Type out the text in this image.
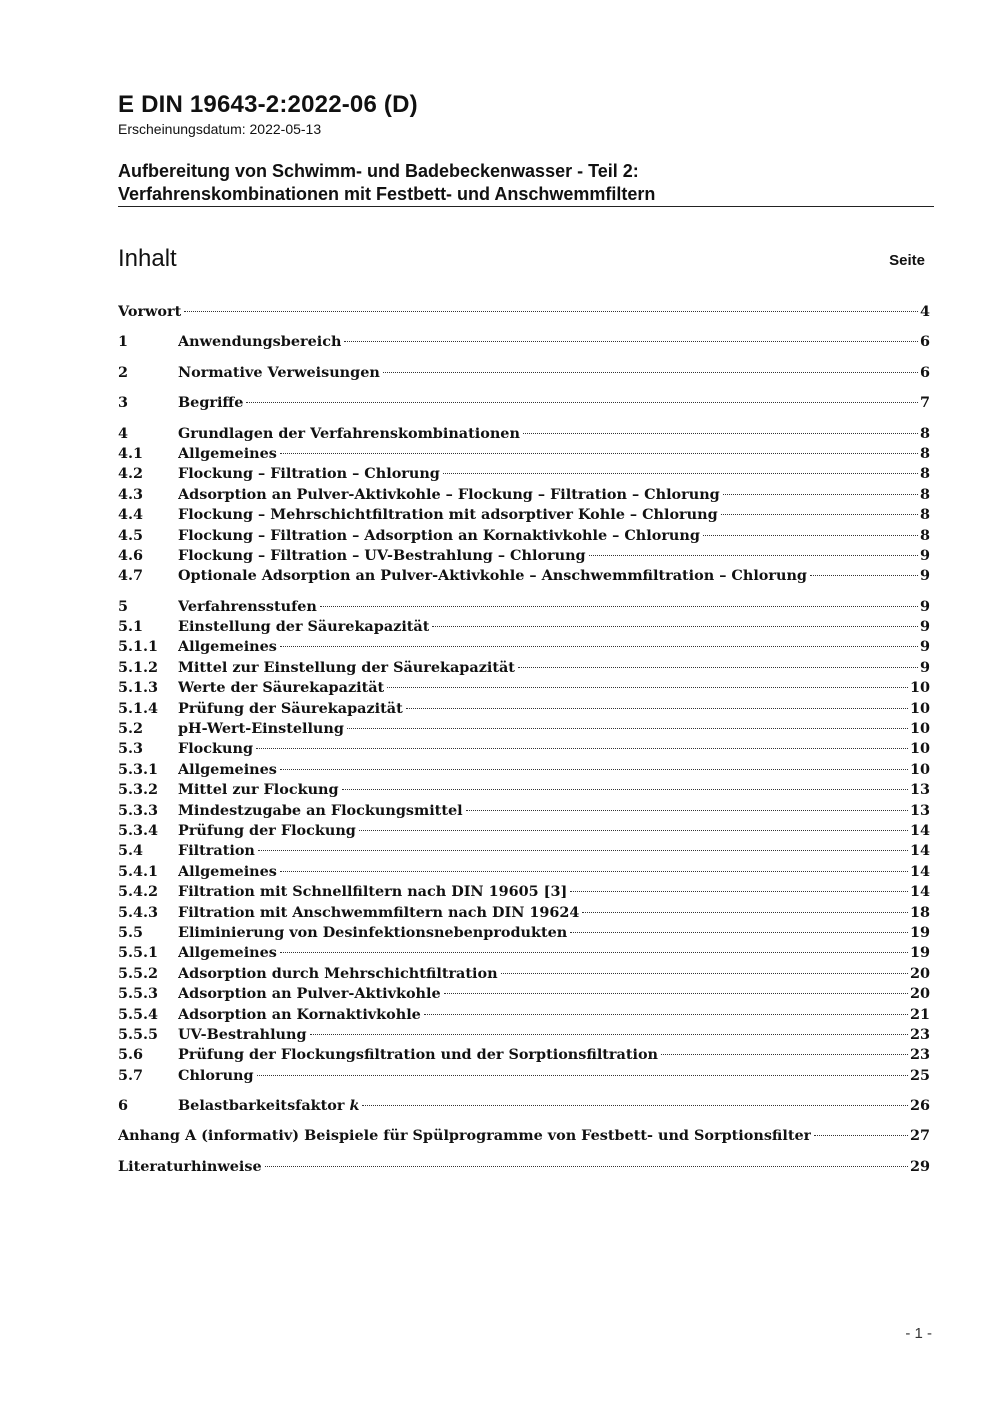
E DIN 19643-2:2022-06 (D)
Erscheinungsdatum: 2022-05-13
Aufbereitung von Schwimm- und Badebeckenwasser - Teil 2:
Verfahrenskombinationen mit Festbett- und Anschwemmfiltern
Inhalt	Seite
Vorwort	4
1	Anwendungsbereich	6
2	Normative Verweisungen	6
3	Begriffe	7
4	Grundlagen der Verfahrenskombinationen	8
4.1	Allgemeines	8
4.2	Flockung – Filtration – Chlorung	8
4.3	Adsorption an Pulver-Aktivkohle – Flockung – Filtration – Chlorung	8
4.4	Flockung – Mehrschichtfiltration mit adsorptiver Kohle – Chlorung	8
4.5	Flockung – Filtration – Adsorption an Kornaktivkohle – Chlorung	8
4.6	Flockung – Filtration – UV-Bestrahlung – Chlorung	9
4.7	Optionale Adsorption an Pulver-Aktivkohle – Anschwemmfiltration – Chlorung	9
5	Verfahrensstufen	9
5.1	Einstellung der Säurekapazität	9
5.1.1	Allgemeines	9
5.1.2	Mittel zur Einstellung der Säurekapazität	9
5.1.3	Werte der Säurekapazität	10
5.1.4	Prüfung der Säurekapazität	10
5.2	pH-Wert-Einstellung	10
5.3	Flockung	10
5.3.1	Allgemeines	10
5.3.2	Mittel zur Flockung	13
5.3.3	Mindestzugabe an Flockungsmittel	13
5.3.4	Prüfung der Flockung	14
5.4	Filtration	14
5.4.1	Allgemeines	14
5.4.2	Filtration mit Schnellfiltern nach DIN 19605 [3]	14
5.4.3	Filtration mit Anschwemmfiltern nach DIN 19624	18
5.5	Eliminierung von Desinfektionsnebenprodukten	19
5.5.1	Allgemeines	19
5.5.2	Adsorption durch Mehrschichtfiltration	20
5.5.3	Adsorption an Pulver-Aktivkohle	20
5.5.4	Adsorption an Kornaktivkohle	21
5.5.5	UV-Bestrahlung	23
5.6	Prüfung der Flockungsfiltration und der Sorptionsfiltration	23
5.7	Chlorung	25
6	Belastbarkeitsfaktor k	26
Anhang A (informativ) Beispiele für Spülprogramme von Festbett- und Sorptionsfilter	27
Literaturhinweise	29
- 1 -
